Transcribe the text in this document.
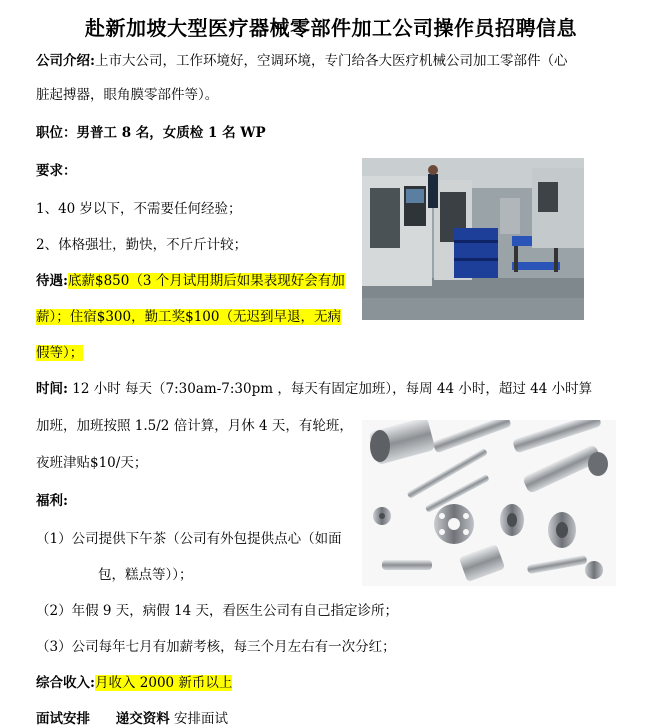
赴新加坡大型医疗器械零部件加工公司操作员招聘信息
公司介绍:上市大公司，工作环境好，空调环境，专门给各大医疗机械公司加工零部件（心
脏起搏器，眼角膜零部件等）。
职位：男普工 8 名，女质检 1 名 WP
要求：
1、40 岁以下，不需要任何经验；
2、体格强壮，勤快，不斤斤计较；
待遇:底薪$850（3 个月试用期后如果表现好会有加
薪）；住宿$300，勤工奖$100（无迟到早退，无病
假等）；
时间: 12 小时 每天（7:30am-7:30pm ，每天有固定加班），每周 44 小时，超过 44 小时算
加班，加班按照 1.5/2 倍计算，月休 4 天，有轮班，
夜班津贴$10/天；
福利:
（1）公司提供下午茶（公司有外包提供点心（如面
包，糕点等））；
（2）年假 9 天，病假 14 天，看医生公司有自己指定诊所；
（3）公司每年七月有加薪考核，每三个月左右有一次分红；
综合收入:月收入 2000 新币以上
面试安排 递交资料 安排面试
